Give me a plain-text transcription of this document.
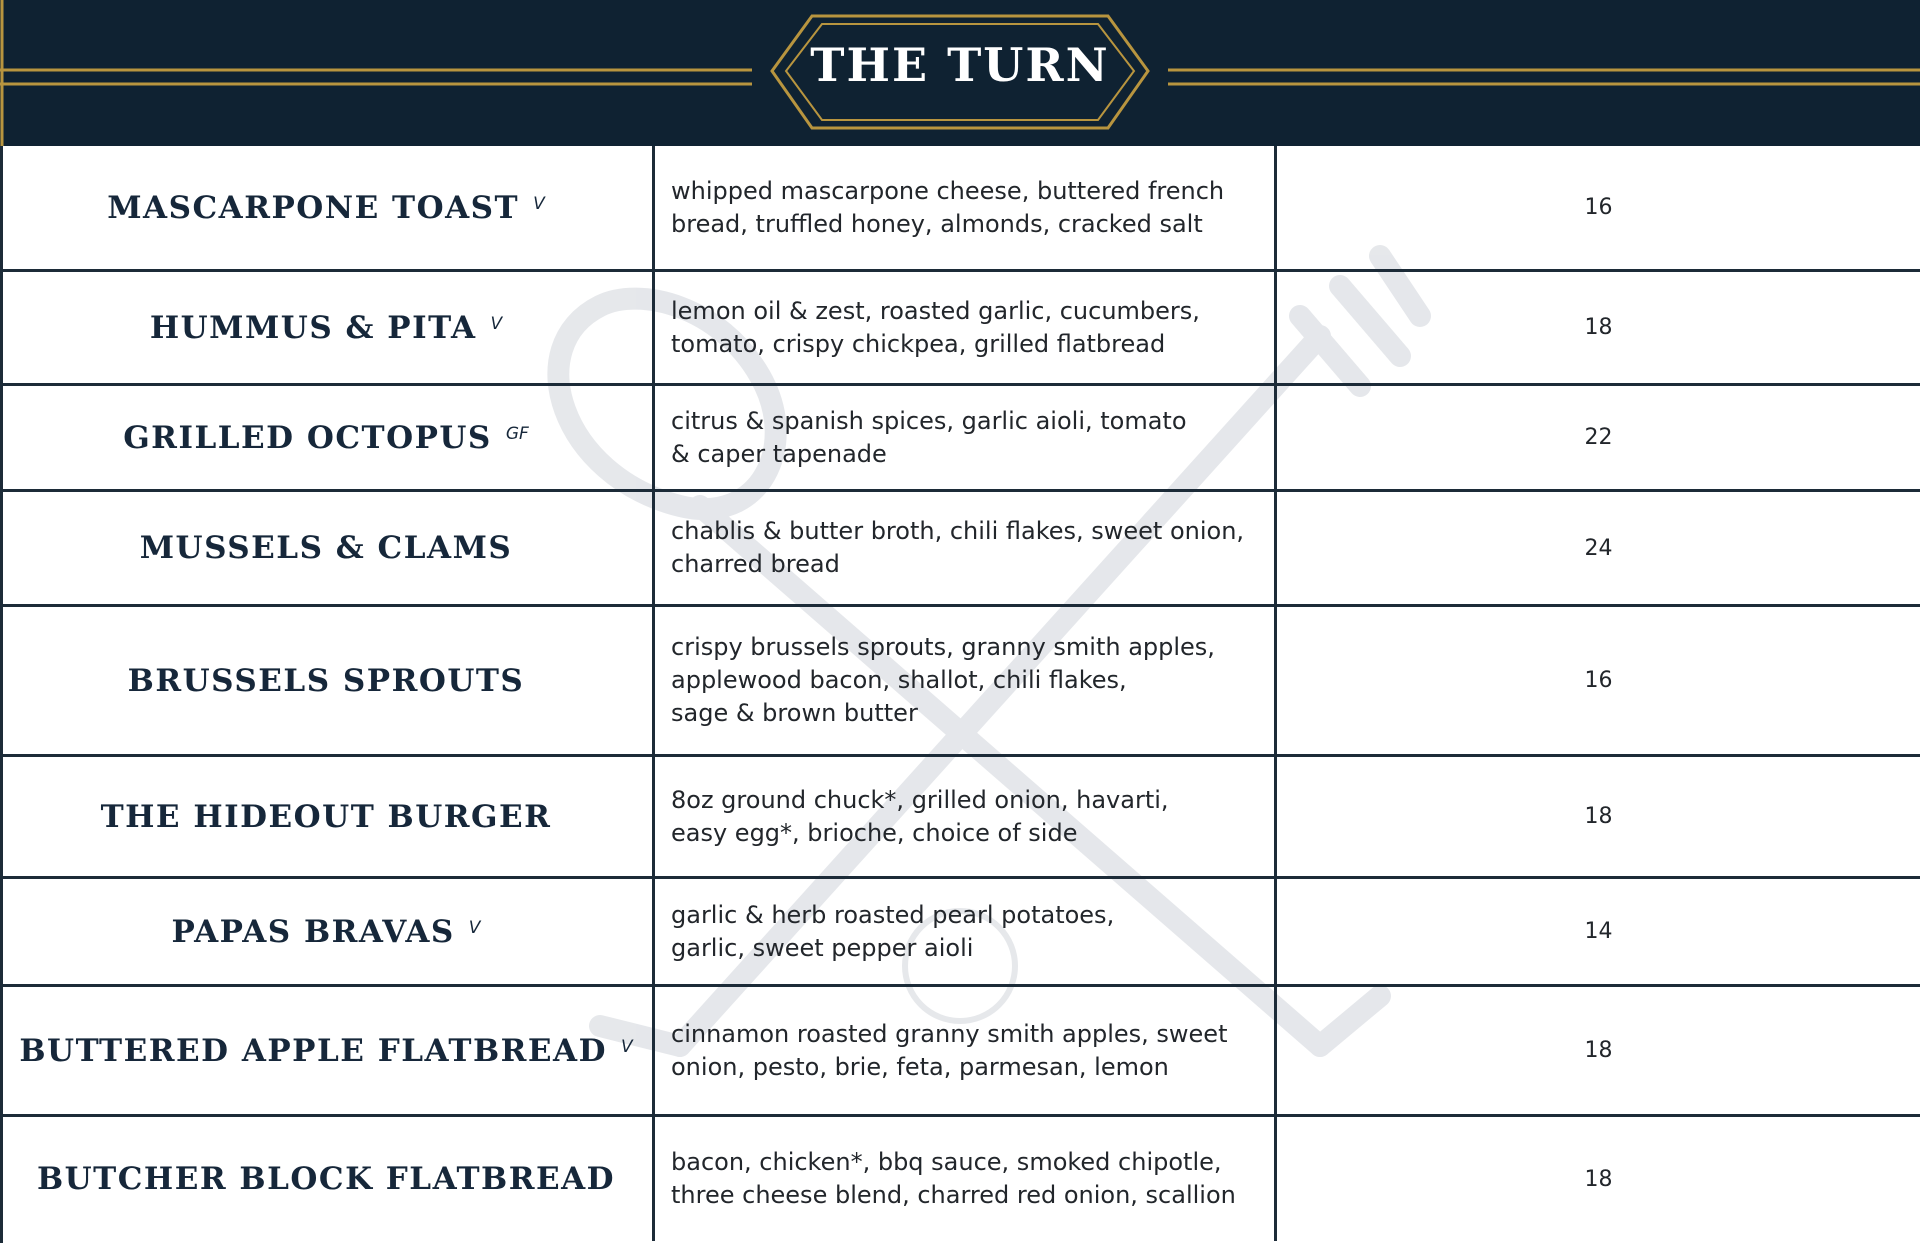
THE TURN
MASCARPONE TOAST V	whipped mascarpone cheese, buttered french
bread, truffled honey, almonds, cracked salt
16
HUMMUS & PITA V	lemon oil & zest, roasted garlic, cucumbers,
tomato, crispy chickpea, grilled flatbread
18
GRILLED OCTOPUS GF	citrus & spanish spices, garlic aioli, tomato
& caper tapenade
22
MUSSELS & CLAMS	chablis & butter broth, chili flakes, sweet onion,
charred bread
24
BRUSSELS SPROUTS
crispy brussels sprouts, granny smith apples,
applewood bacon, shallot, chili flakes,
sage & brown butter
16
THE HIDEOUT BURGER	8oz ground chuck*, grilled onion, havarti,
easy egg*, brioche, choice of side
18
PAPAS BRAVAS V	garlic & herb roasted pearl potatoes,
garlic, sweet pepper aioli
14
BUTTERED APPLE FLATBREAD V cinnamon roasted granny smith apples, sweet
onion, pesto, brie, feta, parmesan, lemon
18
BUTCHER BLOCK FLATBREAD bacon, chicken*, bbq sauce, smoked chipotle,
three cheese blend, charred red onion, scallion
18
